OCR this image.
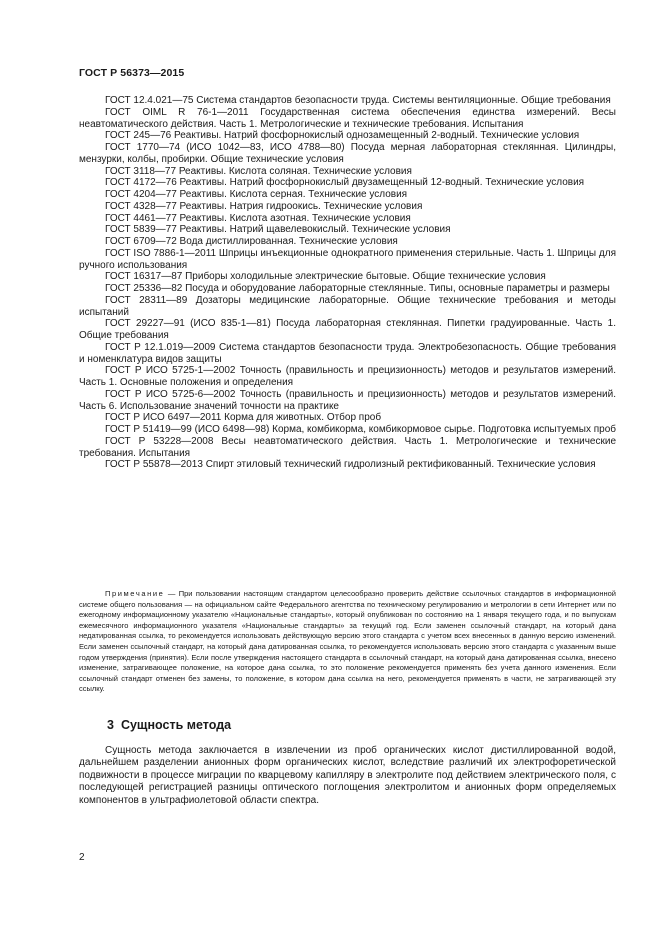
ГОСТ Р 56373—2015

ГОСТ 12.4.021—75 Система стандартов безопасности труда. Системы вентиляционные. Общие требования

ГОСТ OIML R 76-1—2011 Государственная система обеспечения единства измерений. Весы неавтоматического действия. Часть 1. Метрологические и технические требования. Испытания

ГОСТ 245—76 Реактивы. Натрий фосфорнокислый однозамещенный 2-водный. Технические условия

ГОСТ 1770—74 (ИСО 1042—83, ИСО 4788—80) Посуда мерная лабораторная стеклянная. Цилиндры, мензурки, колбы, пробирки. Общие технические условия

ГОСТ 3118—77 Реактивы. Кислота соляная. Технические условия

ГОСТ 4172—76 Реактивы. Натрий фосфорнокислый двузамещенный 12-водный. Технические условия

ГОСТ 4204—77 Реактивы. Кислота серная. Технические условия

ГОСТ 4328—77 Реактивы. Натрия гидроокись. Технические условия

ГОСТ 4461—77 Реактивы. Кислота азотная. Технические условия

ГОСТ 5839—77 Реактивы. Натрий щавелевокислый. Технические условия

ГОСТ 6709—72 Вода дистиллированная. Технические условия

ГОСТ ISO 7886-1—2011 Шприцы инъекционные однократного применения стерильные. Часть 1. Шприцы для ручного использования

ГОСТ 16317—87 Приборы холодильные электрические бытовые. Общие технические условия

ГОСТ 25336—82 Посуда и оборудование лабораторные стеклянные. Типы, основные параметры и размеры

ГОСТ 28311—89 Дозаторы медицинские лабораторные. Общие технические требования и методы испытаний

ГОСТ 29227—91 (ИСО 835-1—81) Посуда лабораторная стеклянная. Пипетки градуированные. Часть 1. Общие требования

ГОСТ Р 12.1.019—2009 Система стандартов безопасности труда. Электробезопасность. Общие требования и номенклатура видов защиты

ГОСТ Р ИСО 5725-1—2002 Точность (правильность и прецизионность) методов и результатов измерений. Часть 1. Основные положения и определения

ГОСТ Р ИСО 5725-6—2002 Точность (правильность и прецизионность) методов и результатов измерений. Часть 6. Использование значений точности на практике

ГОСТ Р ИСО 6497—2011 Корма для животных. Отбор проб

ГОСТ Р 51419—99 (ИСО 6498—98) Корма, комбикорма, комбикормовое сырье. Подготовка испытуемых проб

ГОСТ Р 53228—2008 Весы неавтоматического действия. Часть 1. Метрологические и технические требования. Испытания

ГОСТ Р 55878—2013 Спирт этиловый технический гидролизный ректификованный. Технические условия

Примечание — При пользовании настоящим стандартом целесообразно проверить действие ссылочных стандартов в информационной системе общего пользования — на официальном сайте Федерального агентства по техническому регулированию и метрологии в сети Интернет или по ежегодному информационному указателю «Национальные стандарты», который опубликован по состоянию на 1 января текущего года, и по выпускам ежемесячного информационного указателя «Национальные стандарты» за текущий год. Если заменен ссылочный стандарт, на который дана недатированная ссылка, то рекомендуется использовать действующую версию этого стандарта с учетом всех внесенных в данную версию изменений. Если заменен ссылочный стандарт, на который дана датированная ссылка, то рекомендуется использовать версию этого стандарта с указанным выше годом утверждения (принятия). Если после утверждения настоящего стандарта в ссылочный стандарт, на который дана датированная ссылка, внесено изменение, затрагивающее положение, на которое дана ссылка, то это положение рекомендуется применять без учета данного изменения. Если ссылочный стандарт отменен без замены, то положение, в котором дана ссылка на него, рекомендуется применять в части, не затрагивающей эту ссылку.

3 Сущность метода

Сущность метода заключается в извлечении из проб органических кислот дистиллированной водой, дальнейшем разделении анионных форм органических кислот, вследствие различий их электрофоретической подвижности в процессе миграции по кварцевому капилляру в электролите под действием электрического поля, с последующей регистрацией разницы оптического поглощения электролитом и анионных форм определяемых компонентов в ультрафиолетовой области спектра.

2
